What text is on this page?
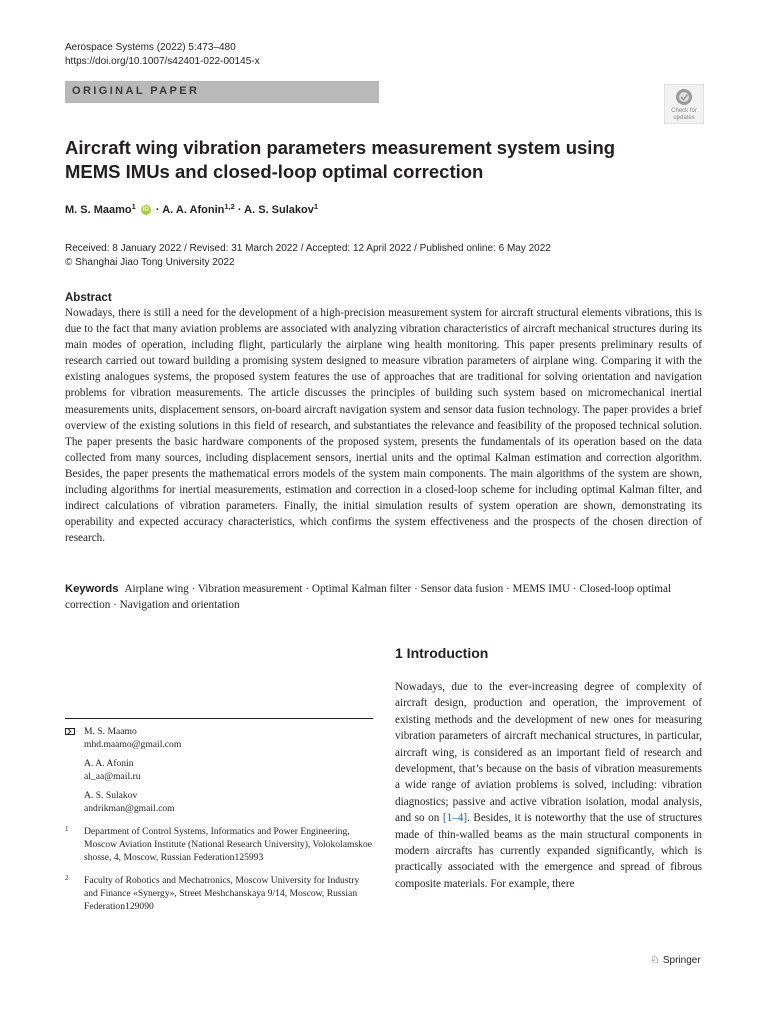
Aerospace Systems (2022) 5:473–480
https://doi.org/10.1007/s42401-022-00145-x
ORIGINAL PAPER
Check for updates
Aircraft wing vibration parameters measurement system using MEMS IMUs and closed-loop optimal correction
M. S. Maamo$^1$ iD · A. A. Afonin$^{1,2}$ · A. S. Sulakov$^1$
Received: 8 January 2022 / Revised: 31 March 2022 / Accepted: 12 April 2022 / Published online: 6 May 2022
© Shanghai Jiao Tong University 2022
Abstract
Nowadays, there is still a need for the development of a high-precision measurement system for aircraft structural elements vibrations, this is due to the fact that many aviation problems are associated with analyzing vibration characteristics of aircraft mechanical structures during its main modes of operation, including flight, particularly the airplane wing health monitoring. This paper presents preliminary results of research carried out toward building a promising system designed to measure vibration parameters of airplane wing. Comparing it with the existing analogues systems, the proposed system features the use of approaches that are traditional for solving orientation and navigation problems for vibration measurements. The article discusses the principles of building such system based on micromechanical inertial measurements units, displacement sensors, on-board aircraft navigation system and sensor data fusion technology. The paper provides a brief overview of the existing solutions in this field of research, and substantiates the relevance and feasibility of the proposed technical solution. The paper presents the basic hardware components of the proposed system, presents the fundamentals of its operation based on the data collected from many sources, including displacement sensors, inertial units and the optimal Kalman estimation and correction algorithm. Besides, the paper presents the mathematical errors models of the system main components. The main algorithms of the system are shown, including algorithms for inertial measurements, estimation and correction in a closed-loop scheme for including optimal Kalman filter, and indirect calculations of vibration parameters. Finally, the initial simulation results of system operation are shown, demonstrating its operability and expected accuracy characteristics, which confirms the system effectiveness and the prospects of the chosen direction of research.
Keywords Airplane wing · Vibration measurement · Optimal Kalman filter · Sensor data fusion · MEMS IMU · Closed-loop optimal correction · Navigation and orientation
1 Introduction
Nowadays, due to the ever-increasing degree of complexity of aircraft design, production and operation, the improvement of existing methods and the development of new ones for measuring vibration parameters of aircraft mechanical structures, in particular, aircraft wing, is considered as an important field of research and development, that’s because on the basis of vibration measurements a wide range of aviation problems is solved, including: vibration diagnostics; passive and active vibration isolation, modal analysis, and so on [1–4]. Besides, it is noteworthy that the use of structures made of thin-walled beams as the main structural components in modern aircrafts has currently expanded significantly, which is practically associated with the emergence and spread of fibrous composite materials. For example, there
M. S. Maamo
mhd.maamo@gmail.com
A. A. Afonin
al_aa@mail.ru
A. S. Sulakov
andrikman@gmail.com
1 Department of Control Systems, Informatics and Power Engineering, Moscow Aviation Institute (National Research University), Volokolamskoe shosse, 4, Moscow, Russian Federation125993
2 Faculty of Robotics and Mechatronics, Moscow University for Industry and Finance «Synergy», Street Meshchanskaya 9/14, Moscow, Russian Federation129090
♘ Springer
